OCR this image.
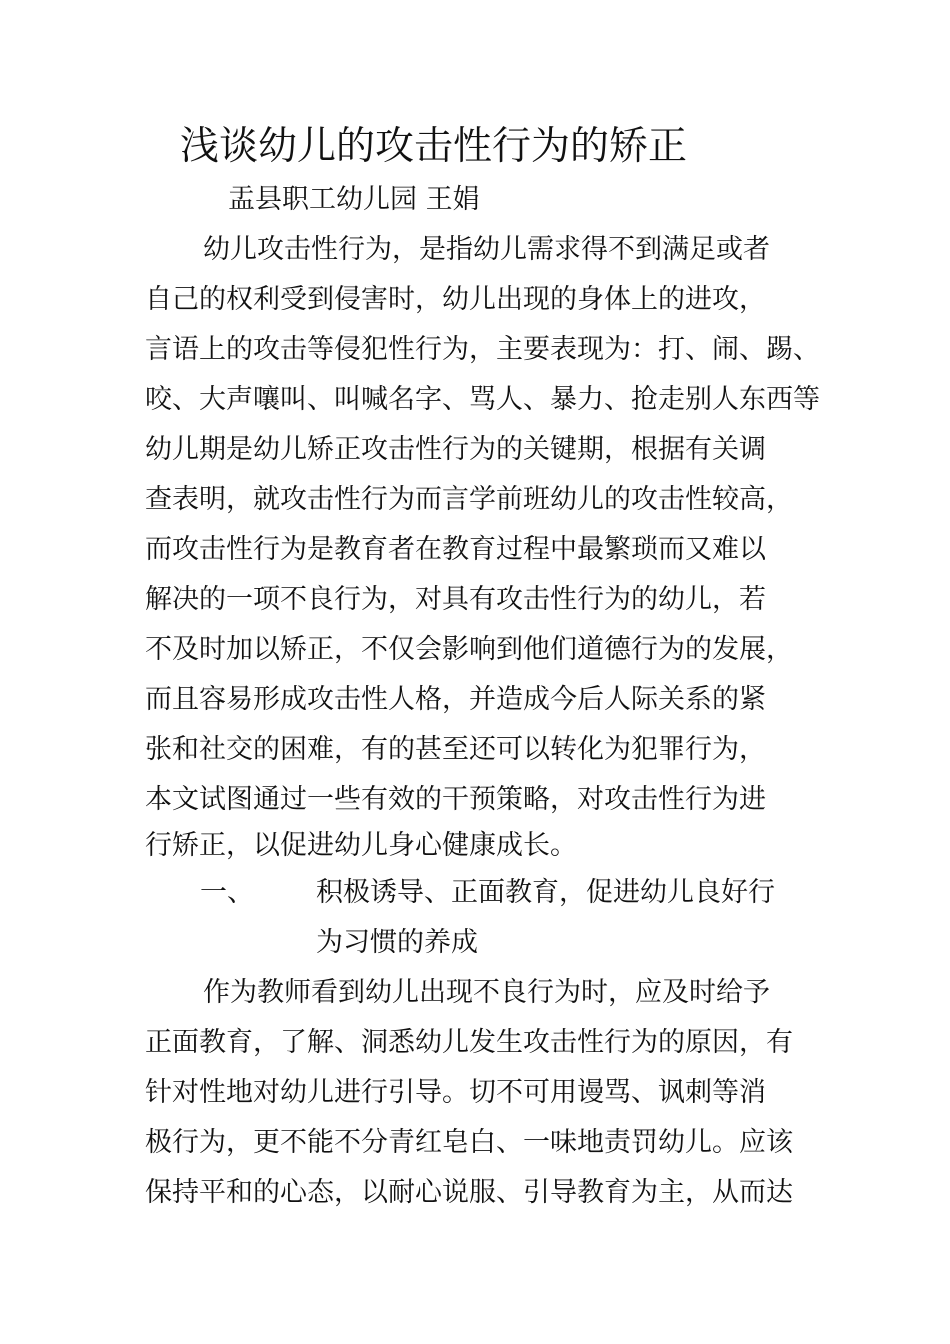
浅谈幼儿的攻击性行为的矫正
盂县职工幼儿园 王娟
幼儿攻击性行为，是指幼儿需求得不到满足或者
自己的权利受到侵害时，幼儿出现的身体上的进攻，
言语上的攻击等侵犯性行为，主要表现为：打、闹、踢、
咬、大声嚷叫、叫喊名字、骂人、暴力、抢走别人东西等
幼儿期是幼儿矫正攻击性行为的关键期，根据有关调
查表明，就攻击性行为而言学前班幼儿的攻击性较高，
而攻击性行为是教育者在教育过程中最繁琐而又难以
解决的一项不良行为，对具有攻击性行为的幼儿，若
不及时加以矫正，不仅会影响到他们道德行为的发展，
而且容易形成攻击性人格，并造成今后人际关系的紧
张和社交的困难，有的甚至还可以转化为犯罪行为，
本文试图通过一些有效的干预策略，对攻击性行为进
行矫正，以促进幼儿身心健康成长。
一、 积极诱导、正面教育，促进幼儿良好行
为习惯的养成
作为教师看到幼儿出现不良行为时，应及时给予
正面教育，了解、洞悉幼儿发生攻击性行为的原因，有
针对性地对幼儿进行引导。切不可用谩骂、讽刺等消
极行为，更不能不分青红皂白、一味地责罚幼儿。应该
保持平和的心态，以耐心说服、引导教育为主，从而达
